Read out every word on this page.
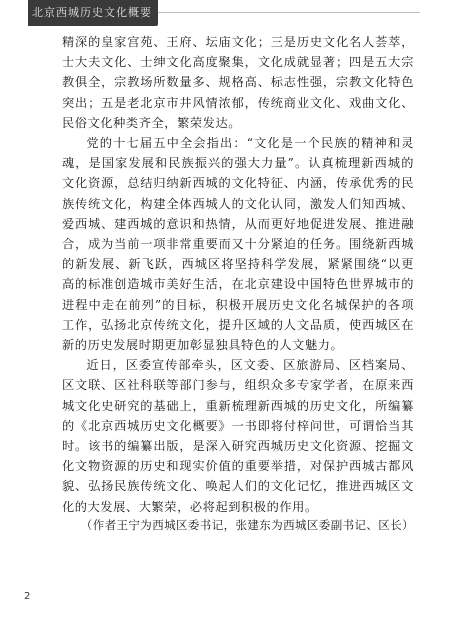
北京西城历史文化概要

精深的皇家宫苑、王府、坛庙文化；三是历史文化名人荟萃，士大夫文化、士绅文化高度聚集，文化成就显著；四是五大宗教俱全，宗教场所数量多、规格高、标志性强，宗教文化特色突出；五是老北京市井风情浓郁，传统商业文化、戏曲文化、民俗文化种类齐全，繁荣发达。

党的十七届五中全会指出：“文化是一个民族的精神和灵魂，是国家发展和民族振兴的强大力量”。认真梳理新西城的文化资源，总结归纳新西城的文化特征、内涵，传承优秀的民族传统文化，构建全体西城人的文化认同，激发人们知西城、爱西城、建西城的意识和热情，从而更好地促进发展、推进融合，成为当前一项非常重要而又十分紧迫的任务。围绕新西城的新发展、新飞跃，西城区将坚持科学发展，紧紧围绕“以更高的标准创造城市美好生活，在北京建设中国特色世界城市的进程中走在前列”的目标，积极开展历史文化名城保护的各项工作，弘扬北京传统文化，提升区域的人文品质，使西城区在新的历史发展时期更加彰显独具特色的人文魅力。

近日，区委宣传部牵头，区文委、区旅游局、区档案局、区文联、区社科联等部门参与，组织众多专家学者，在原来西城文化史研究的基础上，重新梳理新西城的历史文化，所编纂的《北京西城历史文化概要》一书即将付梓问世，可谓恰当其时。该书的编纂出版，是深入研究西城历史文化资源、挖掘文化文物资源的历史和现实价值的重要举措，对保护西城古都风貌、弘扬民族传统文化、唤起人们的文化记忆，推进西城区文化的大发展、大繁荣，必将起到积极的作用。

（作者王宁为西城区委书记，张建东为西城区委副书记、区长）
2
